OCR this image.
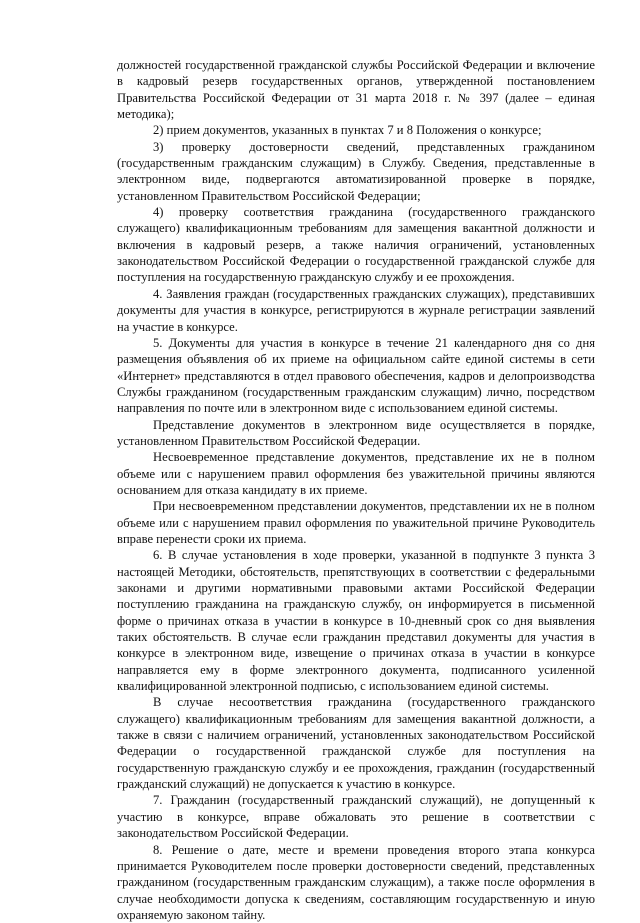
должностей государственной гражданской службы Российской Федерации и включение в кадровый резерв государственных органов, утвержденной постановлением Правительства Российской Федерации от 31 марта 2018 г. № 397 (далее – единая методика);

2) прием документов, указанных в пунктах 7 и 8 Положения о конкурсе;

3) проверку достоверности сведений, представленных гражданином (государственным гражданским служащим) в Службу. Сведения, представленные в электронном виде, подвергаются автоматизированной проверке в порядке, установленном Правительством Российской Федерации;

4) проверку соответствия гражданина (государственного гражданского служащего) квалификационным требованиям для замещения вакантной должности и включения в кадровый резерв, а также наличия ограничений, установленных законодательством Российской Федерации о государственной гражданской службе для поступления на государственную гражданскую службу и ее прохождения.

4. Заявления граждан (государственных гражданских служащих), представивших документы для участия в конкурсе, регистрируются в журнале регистрации заявлений на участие в конкурсе.

5. Документы для участия в конкурсе в течение 21 календарного дня со дня размещения объявления об их приеме на официальном сайте единой системы в сети «Интернет» представляются в отдел правового обеспечения, кадров и делопроизводства Службы гражданином (государственным гражданским служащим) лично, посредством направления по почте или в электронном виде с использованием единой системы.

Представление документов в электронном виде осуществляется в порядке, установленном Правительством Российской Федерации.

Несвоевременное представление документов, представление их не в полном объеме или с нарушением правил оформления без уважительной причины являются основанием для отказа кандидату в их приеме.

При несвоевременном представлении документов, представлении их не в полном объеме или с нарушением правил оформления по уважительной причине Руководитель вправе перенести сроки их приема.

6. В случае установления в ходе проверки, указанной в подпункте 3 пункта 3 настоящей Методики, обстоятельств, препятствующих в соответствии с федеральными законами и другими нормативными правовыми актами Российской Федерации поступлению гражданина на гражданскую службу, он информируется в письменной форме о причинах отказа в участии в конкурсе в 10-дневный срок со дня выявления таких обстоятельств. В случае если гражданин представил документы для участия в конкурсе в электронном виде, извещение о причинах отказа в участии в конкурсе направляется ему в форме электронного документа, подписанного усиленной квалифицированной электронной подписью, с использованием единой системы.

В случае несоответствия гражданина (государственного гражданского служащего) квалификационным требованиям для замещения вакантной должности, а также в связи с наличием ограничений, установленных законодательством Российской Федерации о государственной гражданской службе для поступления на государственную гражданскую службу и ее прохождения, гражданин (государственный гражданский служащий) не допускается к участию в конкурсе.

7. Гражданин (государственный гражданский служащий), не допущенный к участию в конкурсе, вправе обжаловать это решение в соответствии с законодательством Российской Федерации.

8. Решение о дате, месте и времени проведения второго этапа конкурса принимается Руководителем после проверки достоверности сведений, представленных гражданином (государственным гражданским служащим), а также после оформления в случае необходимости допуска к сведениям, составляющим государственную и иную охраняемую законом тайну.
